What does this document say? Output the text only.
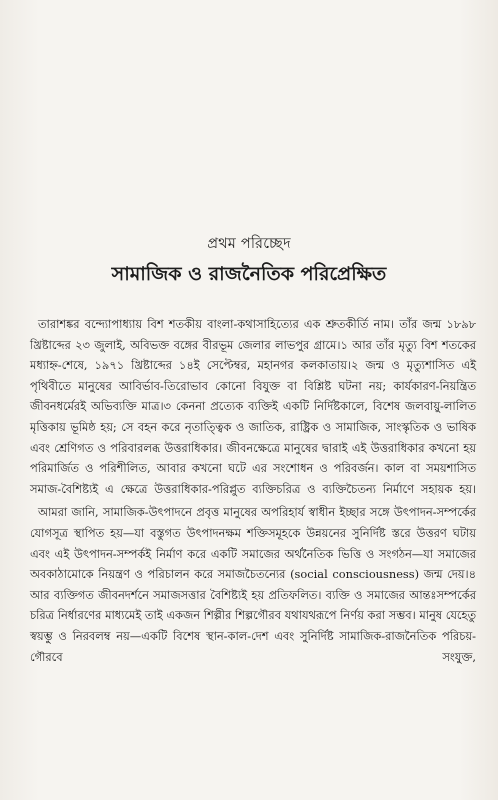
প্রথম পরিচ্ছেদ
সামাজিক ও রাজনৈতিক পরিপ্রেক্ষিত

তারাশঙ্কর বন্দ্যোপাধ্যায় বিশ শতকীয় বাংলা-কথাসাহিত্যের এক শ্রুতকীর্তি নাম। তাঁর জন্ম ১৮৯৮ খ্রিষ্টাব্দের ২৩ জুলাই, অবিভক্ত বঙ্গের বীরভূম জেলার লাভপুর গ্রামে।১ আর তাঁর মৃত্যু বিশ শতকের মধ্যাহ্ন-শেষে, ১৯৭১ খ্রিষ্টাব্দের ১৪ই সেপ্টেম্বর, মহানগর কলকাতায়।২ জন্ম ও মৃত্যুশাসিত এই পৃথিবীতে মানুষের আবির্ভাব-তিরোভাব কোনো বিযুক্ত বা বিশ্লিষ্ট ঘটনা নয়; কার্যকারণ-নিয়ন্ত্রিত জীবনধর্মেরই অভিব্যক্তি মাত্র।৩ কেননা প্রত্যেক ব্যক্তিই একটি নির্দিষ্টকালে, বিশেষ জলবায়ু-লালিত মৃত্তিকায় ভূমিষ্ঠ হয়; সে বহন করে নৃতাত্ত্বিক ও জাতিক, রাষ্ট্রিক ও সামাজিক, সাংস্কৃতিক ও ভাষিক এবং শ্রেণিগত ও পরিবারলব্ধ উত্তরাধিকার। জীবনক্ষেত্রে মানুষের দ্বারাই এই উত্তরাধিকার কখনো হয় পরিমার্জিত ও পরিশীলিত, আবার কখনো ঘটে এর সংশোধন ও পরিবর্জন। কাল বা সময়শাসিত সমাজ-বৈশিষ্ট্যই এ ক্ষেত্রে উত্তরাধিকার-পরিপ্লুত ব্যক্তিচরিত্র ও ব্যক্তিচৈতন্য নির্মাণে সহায়ক হয়।

আমরা জানি, সামাজিক-উৎপাদনে প্রবৃত্ত মানুষের অপরিহার্য স্বাধীন ইচ্ছার সঙ্গে উৎপাদন-সম্পর্কের যোগসূত্র স্থাপিত হয়—যা বস্তুগত উৎপাদনক্ষম শক্তিসমূহকে উন্নয়নের সুনির্দিষ্ট স্তরে উত্তরণ ঘটায় এবং এই উৎপাদন-সম্পর্কই নির্মাণ করে একটি সমাজের অর্থনৈতিক ভিত্তি ও সংগঠন—যা সমাজের অবকাঠামোকে নিয়ন্ত্রণ ও পরিচালন করে সমাজচৈতন্যের (social consciousness) জন্ম দেয়।৪ আর ব্যক্তিগত জীবনদর্শনে সমাজসত্তার বৈশিষ্ট্যই হয় প্রতিফলিত। ব্যক্তি ও সমাজের আন্তঃসম্পর্কের চরিত্র নির্ধারণের মাধ্যমেই তাই একজন শিল্পীর শিল্পগৌরব যথাযথরূপে নির্ণয় করা সম্ভব। মানুষ যেহেতু স্বয়ম্ভু ও নিরবলম্ব নয়—একটি বিশেষ স্থান-কাল-দেশ এবং সুনির্দিষ্ট সামাজিক-রাজনৈতিক পরিচয়-গৌরবে সংযুক্ত,
